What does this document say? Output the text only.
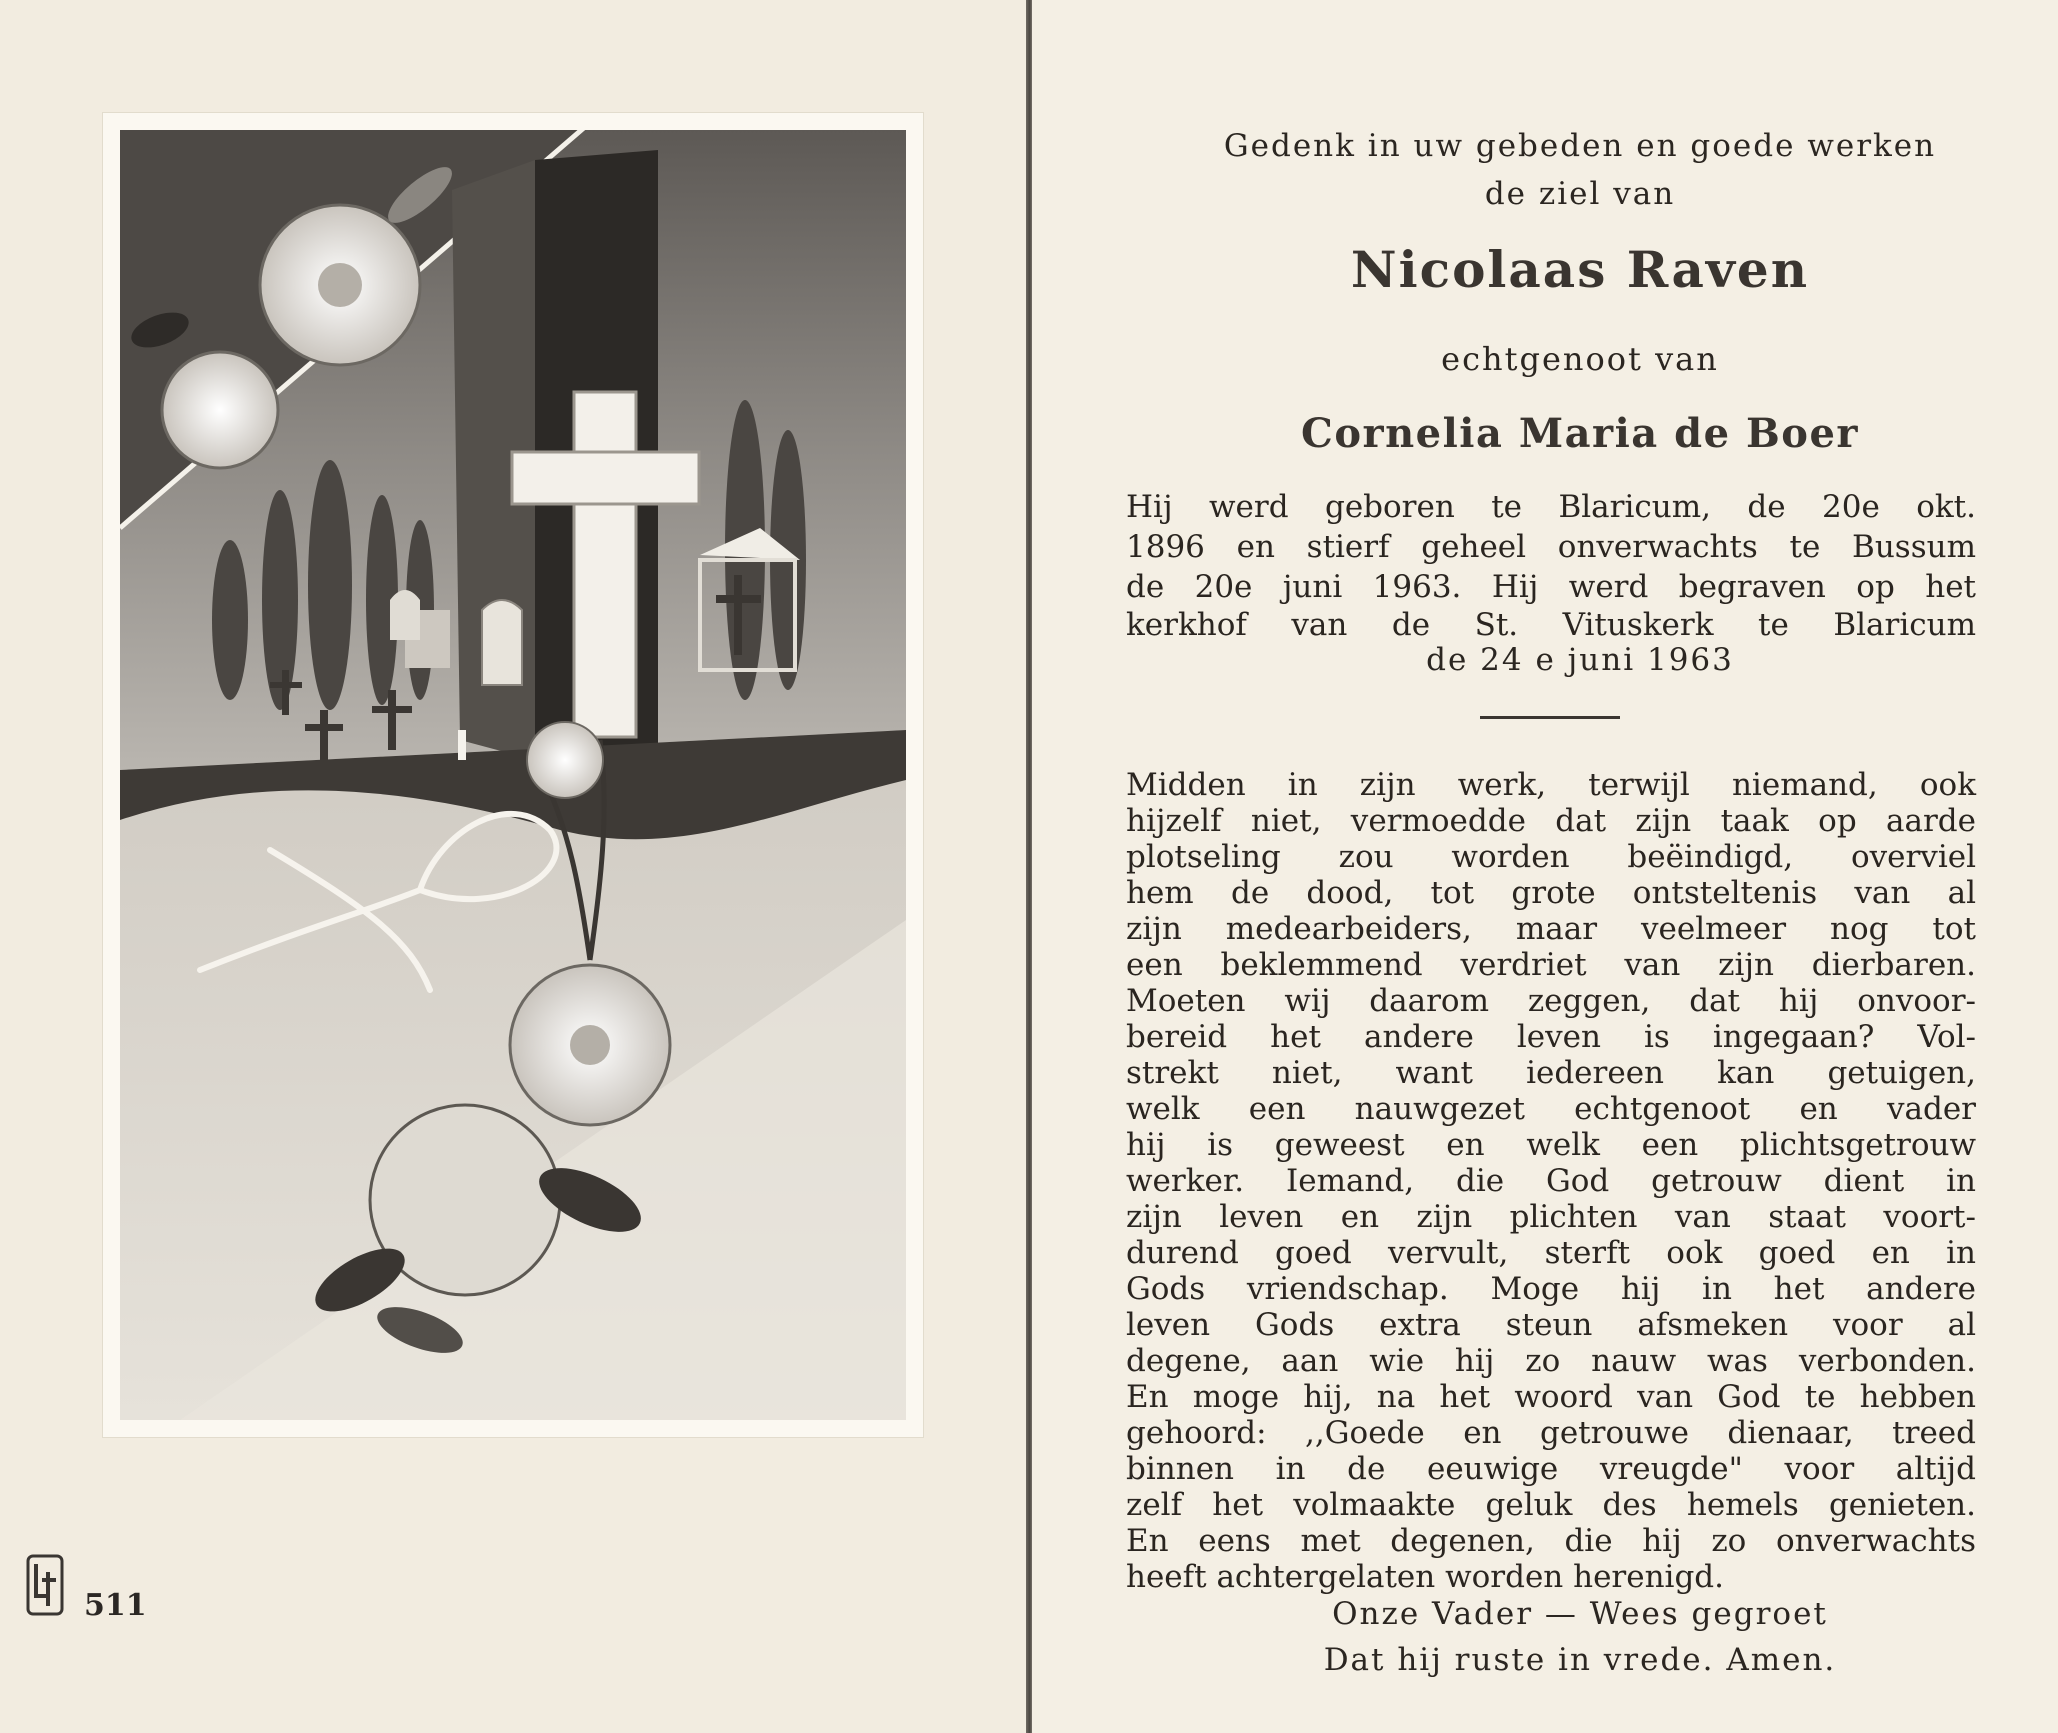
511
Gedenk in uw gebeden en goede werken
de ziel van
Nicolaas Raven
echtgenoot van
Cornelia Maria de Boer
Hij werd geboren te Blaricum, de 20e okt.
1896 en stierf geheel onverwachts te Bussum
de 20e juni 1963. Hij werd begraven op het
kerkhof van de St. Vituskerk te Blaricum
de 24 e juni 1963
Midden in zijn werk, terwijl niemand, ook
hijzelf niet, vermoedde dat zijn taak op aarde
plotseling zou worden beëindigd, overviel
hem de dood, tot grote ontsteltenis van al
zijn medearbeiders, maar veelmeer nog tot
een beklemmend verdriet van zijn dierbaren.
Moeten wij daarom zeggen, dat hij onvoor-
bereid het andere leven is ingegaan? Vol-
strekt niet, want iedereen kan getuigen,
welk een nauwgezet echtgenoot en vader
hij is geweest en welk een plichtsgetrouw
werker. Iemand, die God getrouw dient in
zijn leven en zijn plichten van staat voort-
durend goed vervult, sterft ook goed en in
Gods vriendschap. Moge hij in het andere
leven Gods extra steun afsmeken voor al
degene, aan wie hij zo nauw was verbonden.
En moge hij, na het woord van God te hebben
gehoord: ,,Goede en getrouwe dienaar, treed
binnen in de eeuwige vreugde" voor altijd
zelf het volmaakte geluk des hemels genieten.
En eens met degenen, die hij zo onverwachts
heeft achtergelaten worden herenigd.
Onze Vader — Wees gegroet
Dat hij ruste in vrede. Amen.
